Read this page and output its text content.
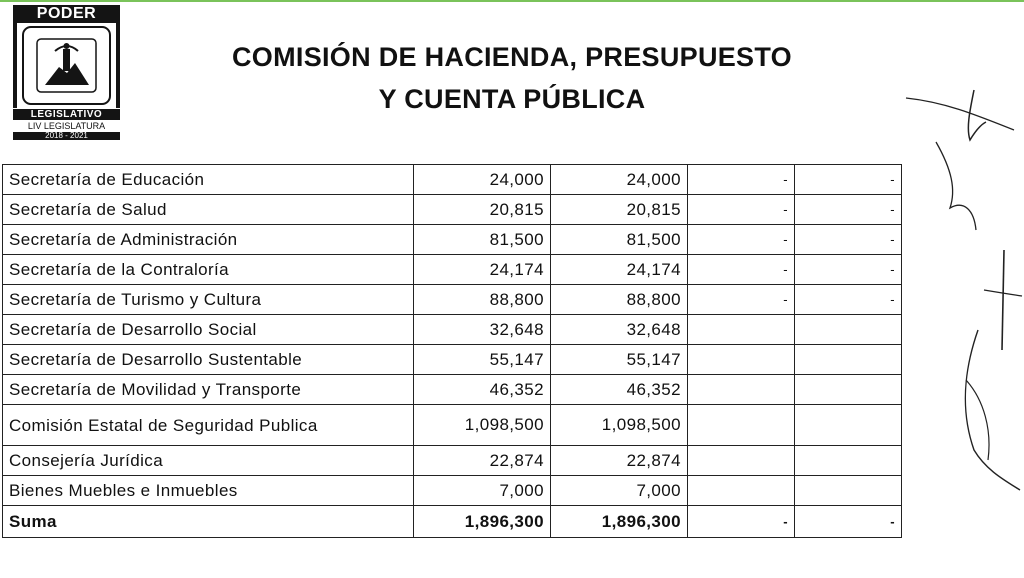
PODER
LEGISLATIVO
LIV LEGISLATURA
2018 - 2021
COMISIÓN DE HACIENDA, PRESUPUESTO
Y CUENTA PÚBLICA
Secretaría de Educación	24,000	24,000	-	-
Secretaría de Salud	20,815	20,815	-	-
Secretaría de Administración	81,500	81,500	-	-
Secretaría de la Contraloría	24,174	24,174	-	-
Secretaría de Turismo y Cultura	88,800	88,800	-	-
Secretaría de Desarrollo Social	32,648	32,648		
Secretaría de Desarrollo Sustentable	55,147	55,147		
Secretaría de Movilidad y Transporte	46,352	46,352		
Comisión Estatal de Seguridad Publica	1,098,500	1,098,500		
Consejería Jurídica	22,874	22,874		
Bienes Muebles e Inmuebles	7,000	7,000		
Suma	1,896,300	1,896,300	-	-
